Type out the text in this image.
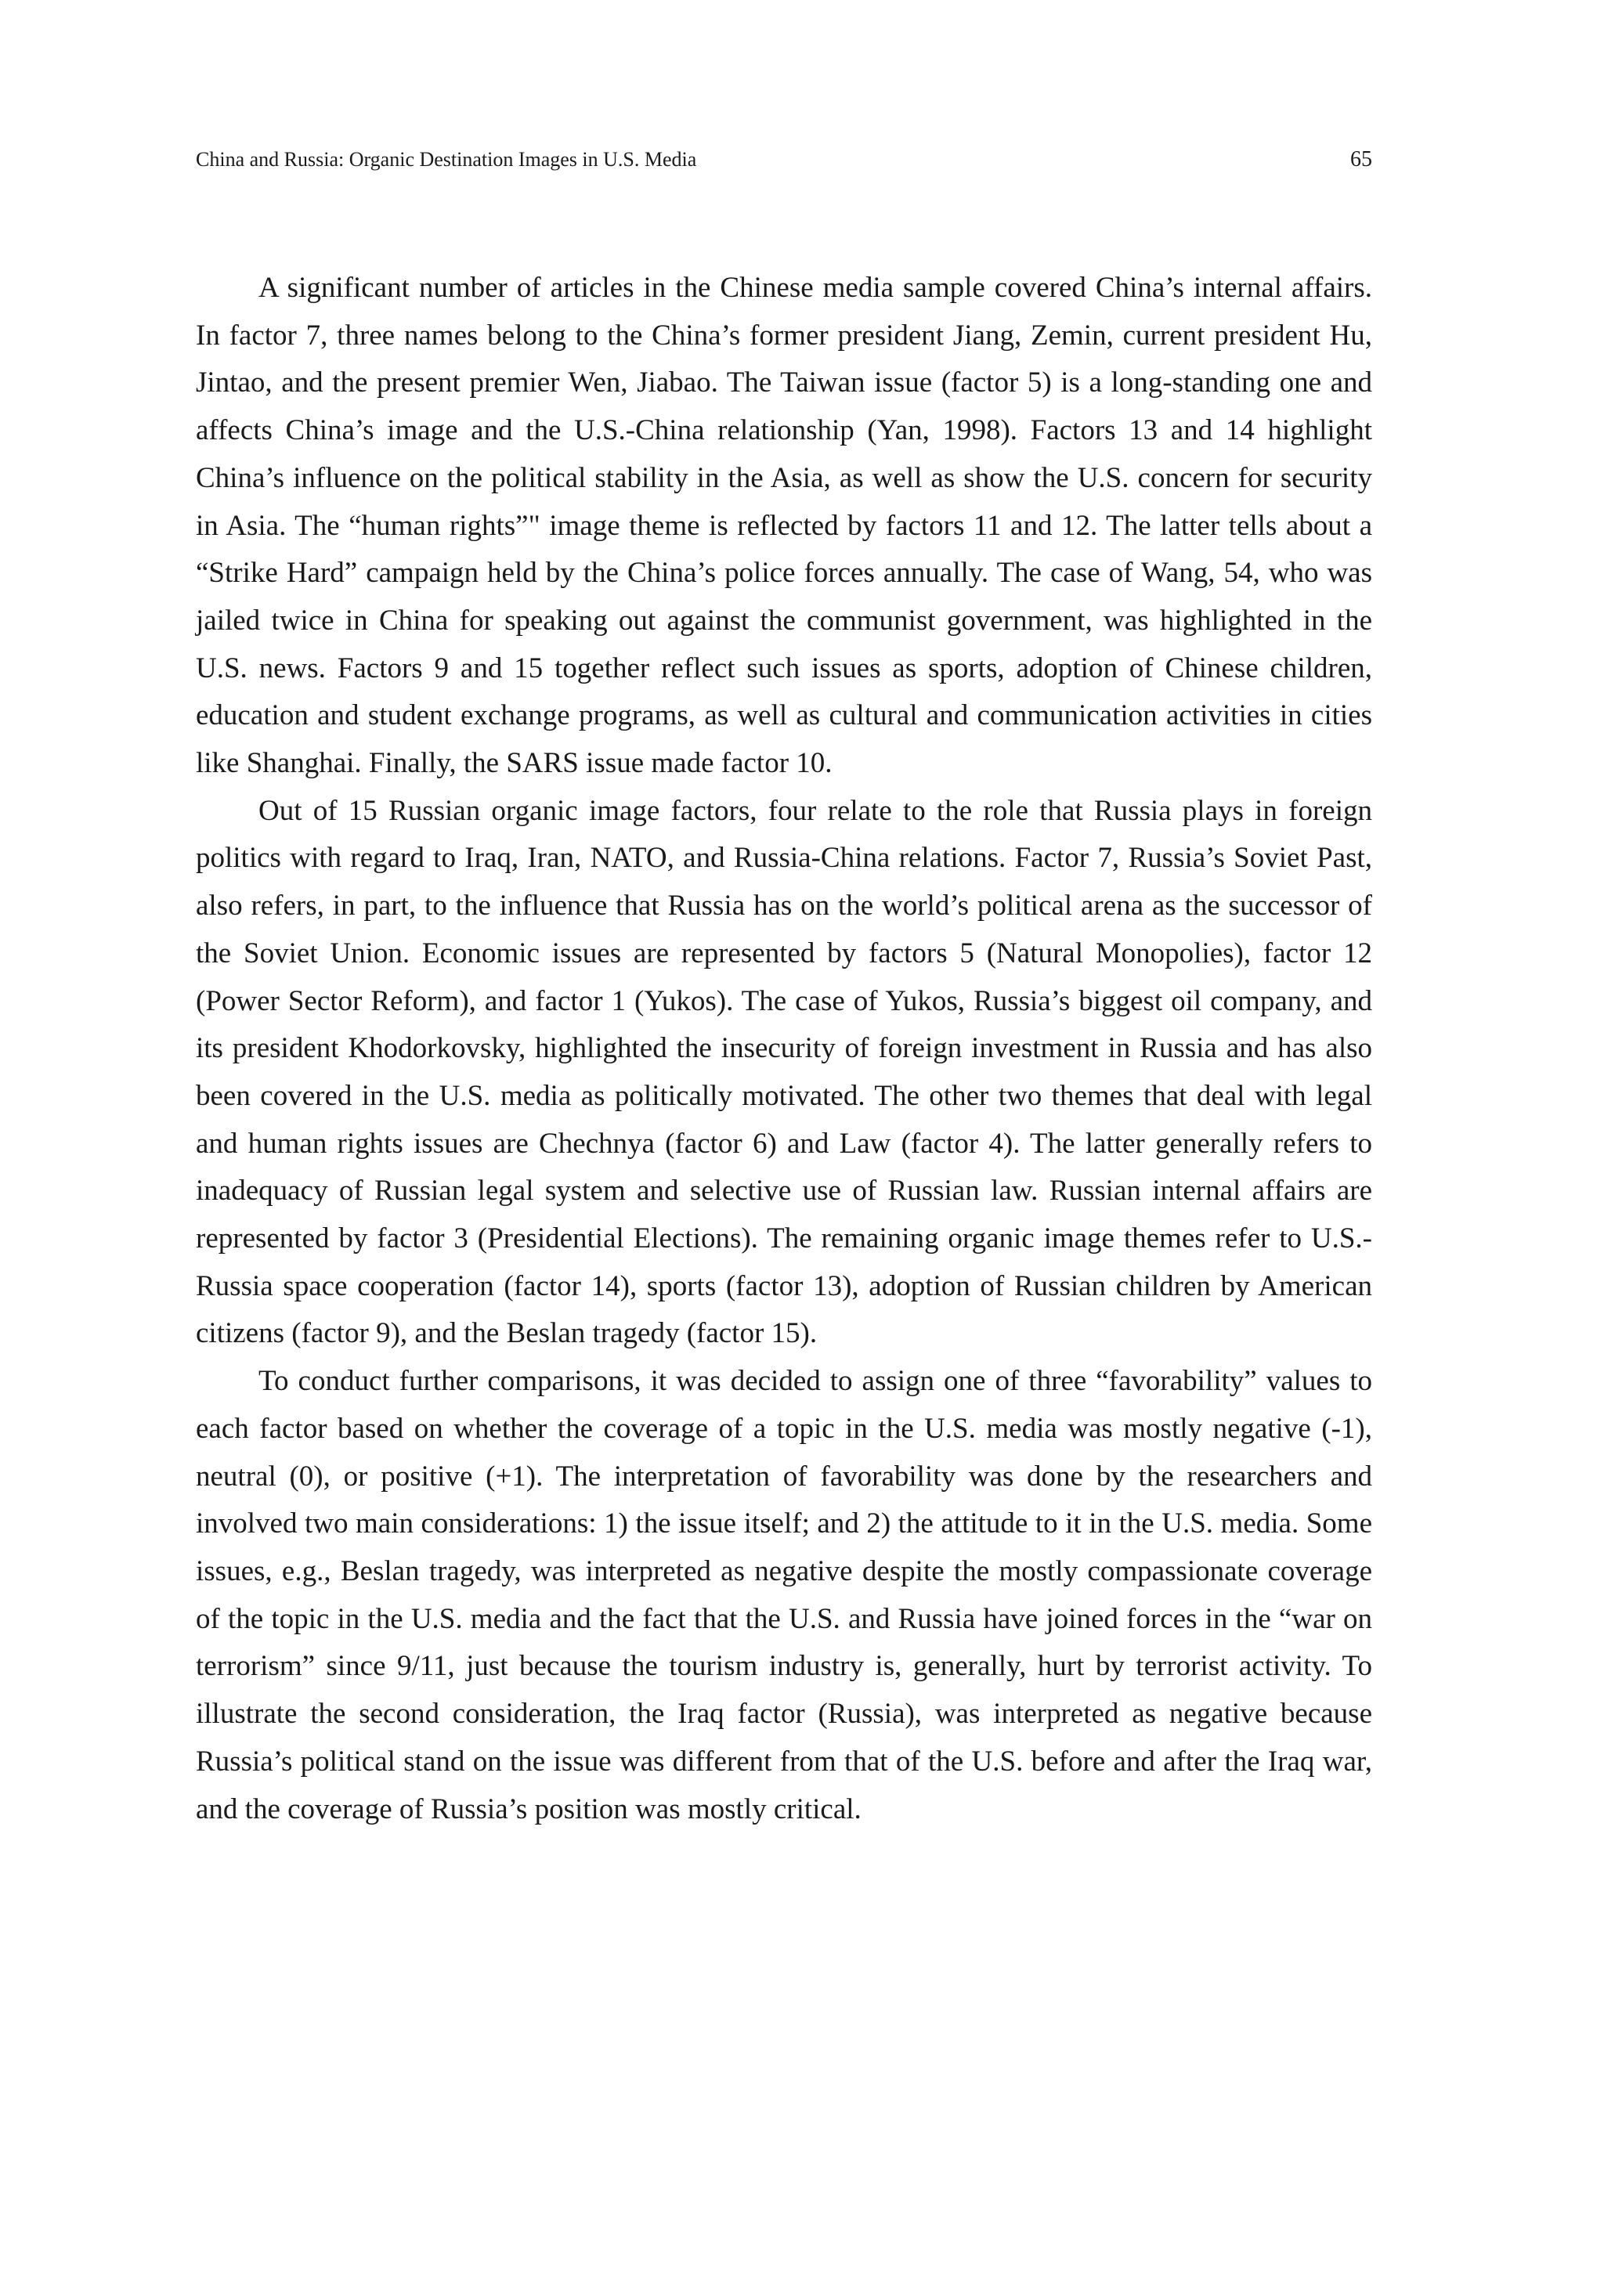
China and Russia: Organic Destination Images in U.S. Media	65

A significant number of articles in the Chinese media sample covered China’s internal affairs. In factor 7, three names belong to the China’s former president Jiang, Zemin, current president Hu, Jintao, and the present premier Wen, Jiabao. The Taiwan issue (factor 5) is a long-standing one and affects China’s image and the U.S.-China relationship (Yan, 1998). Factors 13 and 14 highlight China’s influence on the political stability in the Asia, as well as show the U.S. concern for security in Asia. The “human rights”" image theme is reflected by factors 11 and 12. The latter tells about a “Strike Hard” campaign held by the China’s police forces annually. The case of Wang, 54, who was jailed twice in China for speaking out against the communist government, was highlighted in the U.S. news. Factors 9 and 15 together reflect such issues as sports, adoption of Chinese children, education and student exchange programs, as well as cultural and communication activities in cities like Shanghai. Finally, the SARS issue made factor 10.

Out of 15 Russian organic image factors, four relate to the role that Russia plays in foreign politics with regard to Iraq, Iran, NATO, and Russia-China relations. Factor 7, Russia’s Soviet Past, also refers, in part, to the influence that Russia has on the world’s political arena as the successor of the Soviet Union. Economic issues are represented by factors 5 (Natural Monopolies), factor 12 (Power Sector Reform), and factor 1 (Yukos). The case of Yukos, Russia’s biggest oil company, and its president Khodorkovsky, highlighted the insecurity of foreign investment in Russia and has also been covered in the U.S. media as politically motivated. The other two themes that deal with legal and human rights issues are Chechnya (factor 6) and Law (factor 4). The latter generally refers to inadequacy of Russian legal system and selective use of Russian law. Russian internal affairs are represented by factor 3 (Presidential Elections). The remaining organic image themes refer to U.S.-Russia space cooperation (factor 14), sports (factor 13), adoption of Russian children by American citizens (factor 9), and the Beslan tragedy (factor 15).

To conduct further comparisons, it was decided to assign one of three “favorability” values to each factor based on whether the coverage of a topic in the U.S. media was mostly negative (-1), neutral (0), or positive (+1). The interpretation of favorability was done by the researchers and involved two main considerations: 1) the issue itself; and 2) the attitude to it in the U.S. media. Some issues, e.g., Beslan tragedy, was interpreted as negative despite the mostly compassionate coverage of the topic in the U.S. media and the fact that the U.S. and Russia have joined forces in the “war on terrorism” since 9/11, just because the tourism industry is, generally, hurt by terrorist activity. To illustrate the second consideration, the Iraq factor (Russia), was interpreted as negative because Russia’s political stand on the issue was different from that of the U.S. before and after the Iraq war, and the coverage of Russia’s position was mostly critical.
